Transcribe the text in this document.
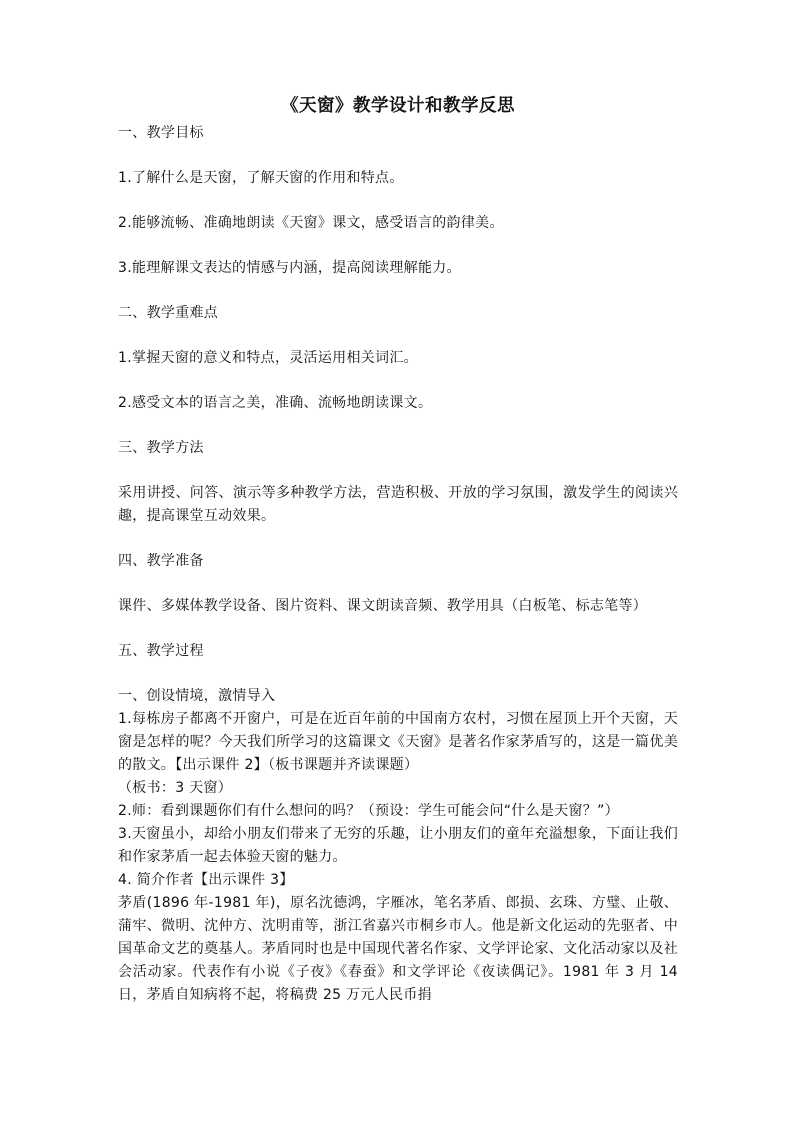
《天窗》教学设计和教学反思

一、教学目标

1.了解什么是天窗，了解天窗的作用和特点。

2.能够流畅、准确地朗读《天窗》课文，感受语言的韵律美。

3.能理解课文表达的情感与内涵，提高阅读理解能力。

二、教学重难点

1.掌握天窗的意义和特点，灵活运用相关词汇。

2.感受文本的语言之美，准确、流畅地朗读课文。

三、教学方法

采用讲授、问答、演示等多种教学方法，营造积极、开放的学习氛围，激发学生的阅读兴趣，提高课堂互动效果。

四、教学准备

课件、多媒体教学设备、图片资料、课文朗读音频、教学用具（白板笔、标志笔等）

五、教学过程

一、创设情境，激情导入

1.每栋房子都离不开窗户，可是在近百年前的中国南方农村，习惯在屋顶上开个天窗，天窗是怎样的呢？今天我们所学习的这篇课文《天窗》是著名作家茅盾写的，这是一篇优美的散文。【出示课件 2】（板书课题并齐读课题）

（板书：3 天窗）

2.师：看到课题你们有什么想问的吗？（预设：学生可能会问“什么是天窗？”）

3.天窗虽小，却给小朋友们带来了无穷的乐趣，让小朋友们的童年充溢想象，下面让我们和作家茅盾一起去体验天窗的魅力。

4. 简介作者【出示课件 3】

茅盾(1896 年-1981 年)，原名沈德鸿，字雁冰，笔名茅盾、郎损、玄珠、方璧、止敬、蒲牢、微明、沈仲方、沈明甫等，浙江省嘉兴市桐乡市人。他是新文化运动的先驱者、中国革命文艺的奠基人。茅盾同时也是中国现代著名作家、文学评论家、文化活动家以及社会活动家。代表作有小说《子夜》《春蚕》和文学评论《夜读偶记》。1981 年 3 月 14 日，茅盾自知病将不起，将稿费 25 万元人民币捐
